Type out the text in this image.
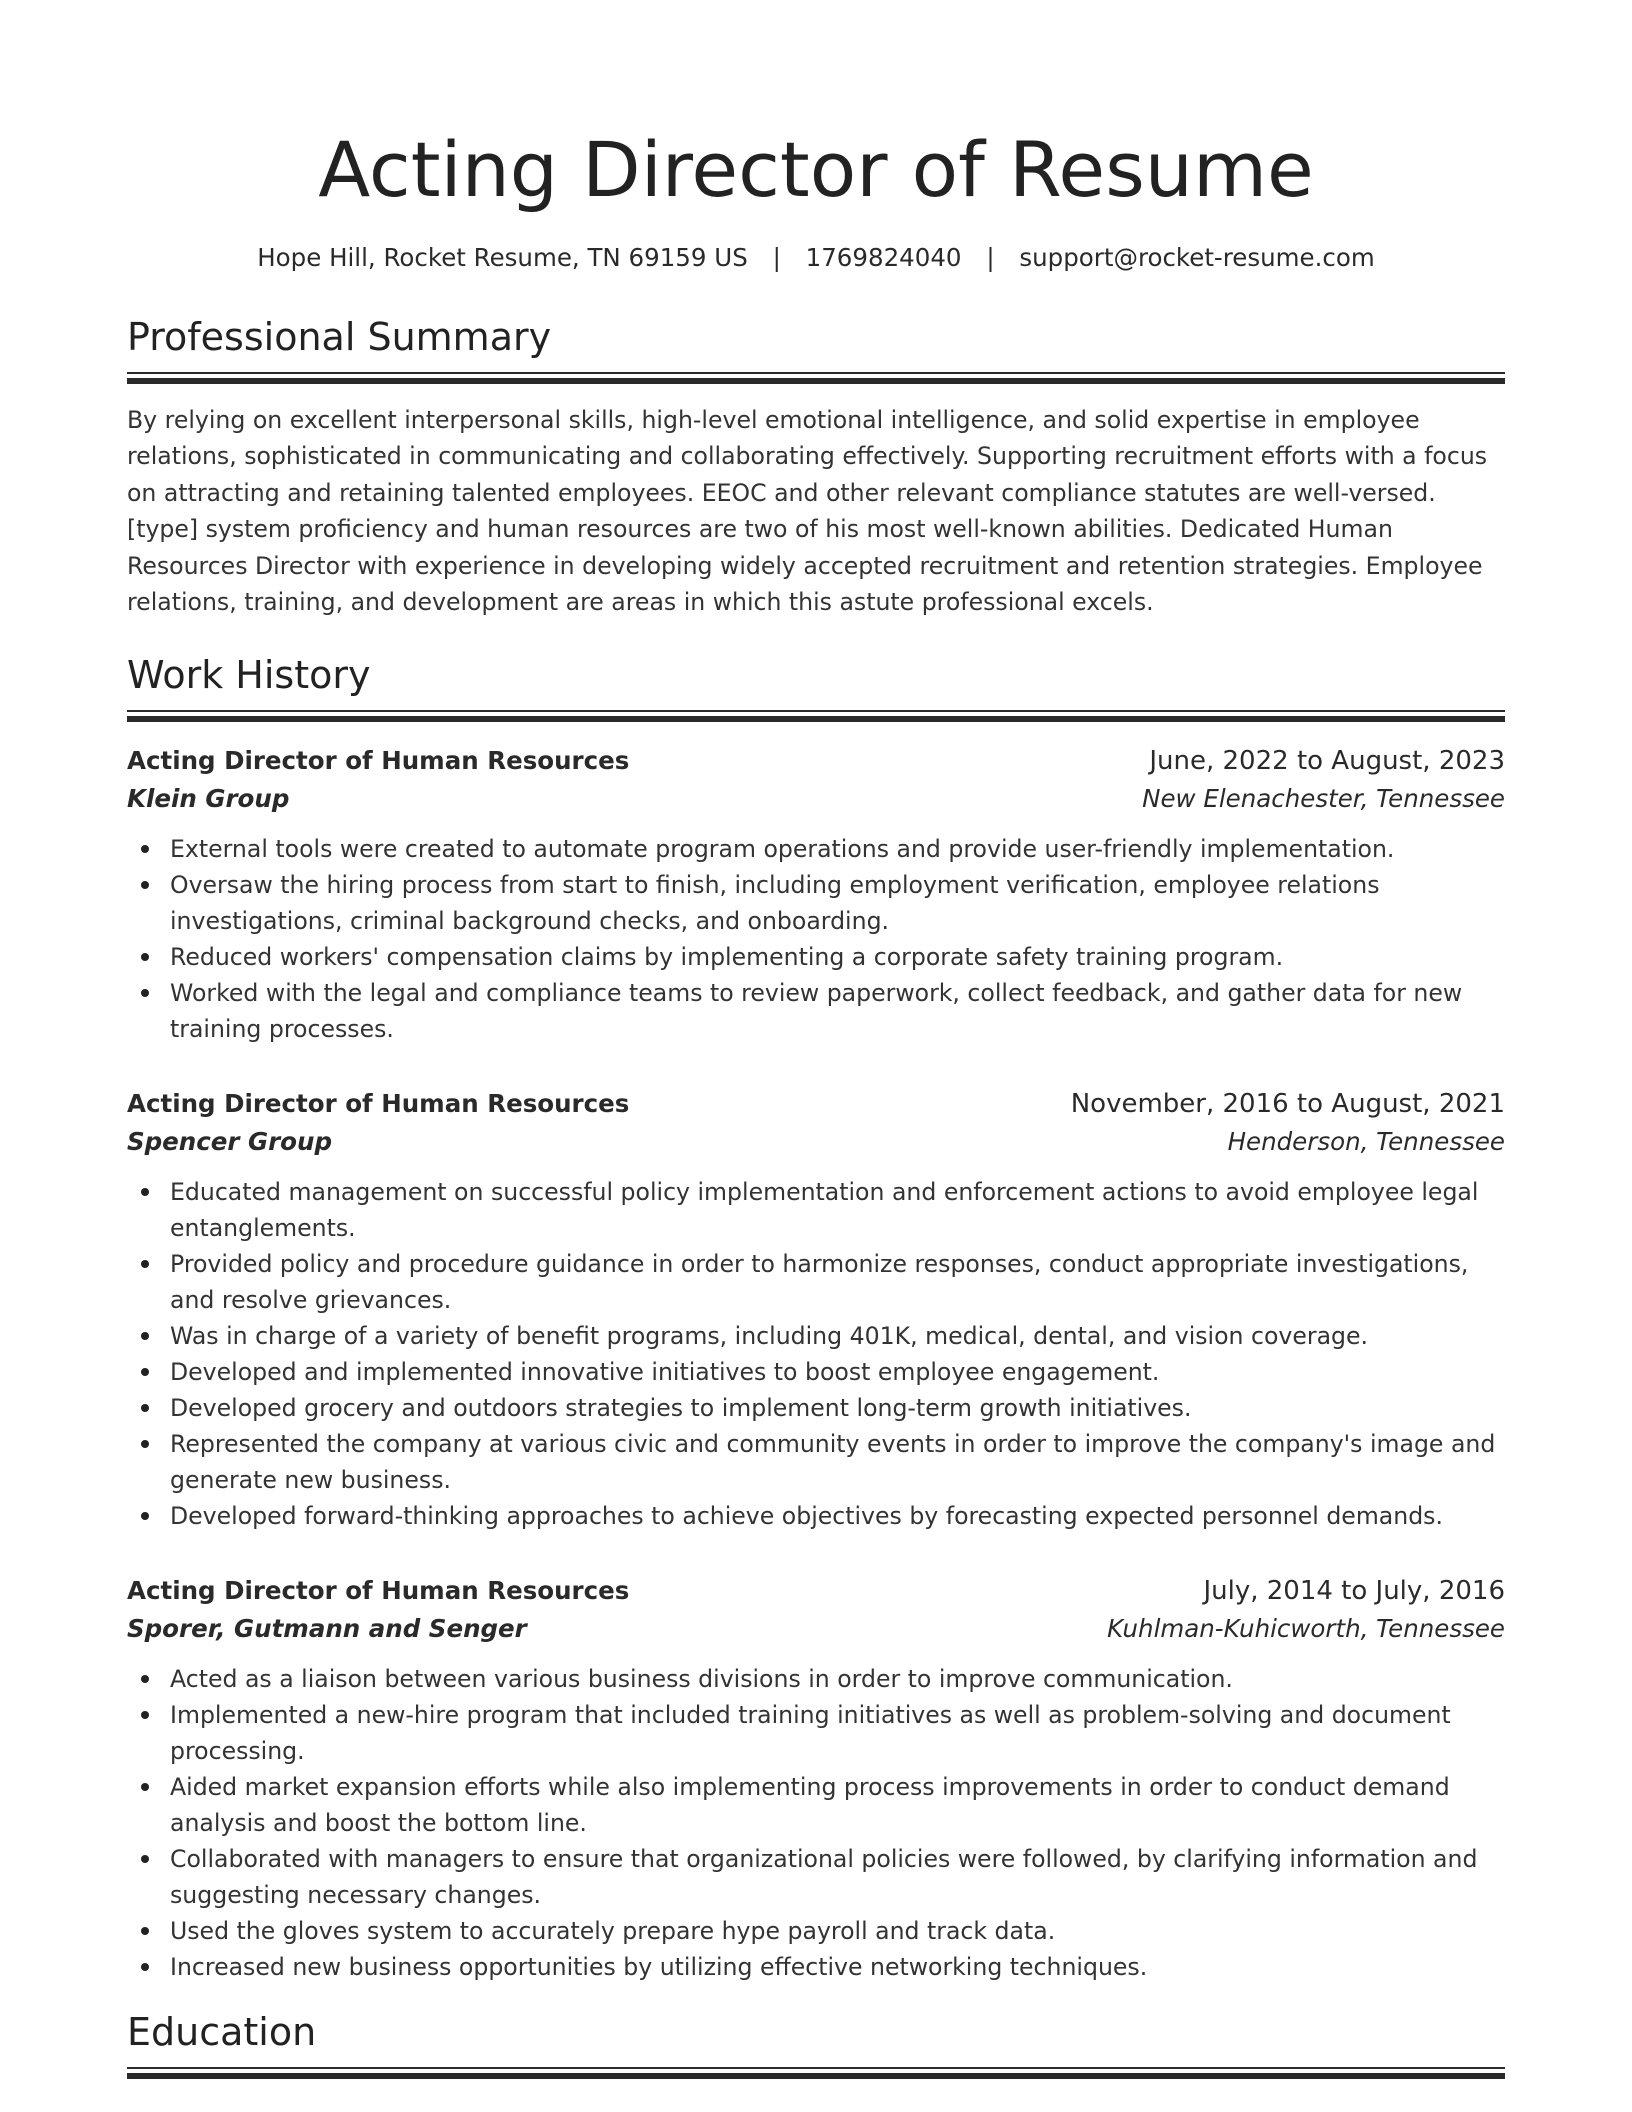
Acting Director of Resume
Hope Hill, Rocket Resume, TN 69159 US | 1769824040 | support@rocket-resume.com
Professional Summary
By relying on excellent interpersonal skills, high-level emotional intelligence, and solid expertise in employee relations, sophisticated in communicating and collaborating effectively. Supporting recruitment efforts with a focus on attracting and retaining talented employees. EEOC and other relevant compliance statutes are well-versed. [type] system proficiency and human resources are two of his most well-known abilities. Dedicated Human Resources Director with experience in developing widely accepted recruitment and retention strategies. Employee relations, training, and development are areas in which this astute professional excels.
Work History
Acting Director of Human Resources	June, 2022 to August, 2023
Klein Group	New Elenachester, Tennessee
External tools were created to automate program operations and provide user-friendly implementation.
Oversaw the hiring process from start to finish, including employment verification, employee relations investigations, criminal background checks, and onboarding.
Reduced workers' compensation claims by implementing a corporate safety training program.
Worked with the legal and compliance teams to review paperwork, collect feedback, and gather data for new training processes.
Acting Director of Human Resources	November, 2016 to August, 2021
Spencer Group	Henderson, Tennessee
Educated management on successful policy implementation and enforcement actions to avoid employee legal entanglements.
Provided policy and procedure guidance in order to harmonize responses, conduct appropriate investigations, and resolve grievances.
Was in charge of a variety of benefit programs, including 401K, medical, dental, and vision coverage.
Developed and implemented innovative initiatives to boost employee engagement.
Developed grocery and outdoors strategies to implement long-term growth initiatives.
Represented the company at various civic and community events in order to improve the company's image and generate new business.
Developed forward-thinking approaches to achieve objectives by forecasting expected personnel demands.
Acting Director of Human Resources	July, 2014 to July, 2016
Sporer, Gutmann and Senger	Kuhlman-Kuhicworth, Tennessee
Acted as a liaison between various business divisions in order to improve communication.
Implemented a new-hire program that included training initiatives as well as problem-solving and document processing.
Aided market expansion efforts while also implementing process improvements in order to conduct demand analysis and boost the bottom line.
Collaborated with managers to ensure that organizational policies were followed, by clarifying information and suggesting necessary changes.
Used the gloves system to accurately prepare hype payroll and track data.
Increased new business opportunities by utilizing effective networking techniques.
Education
